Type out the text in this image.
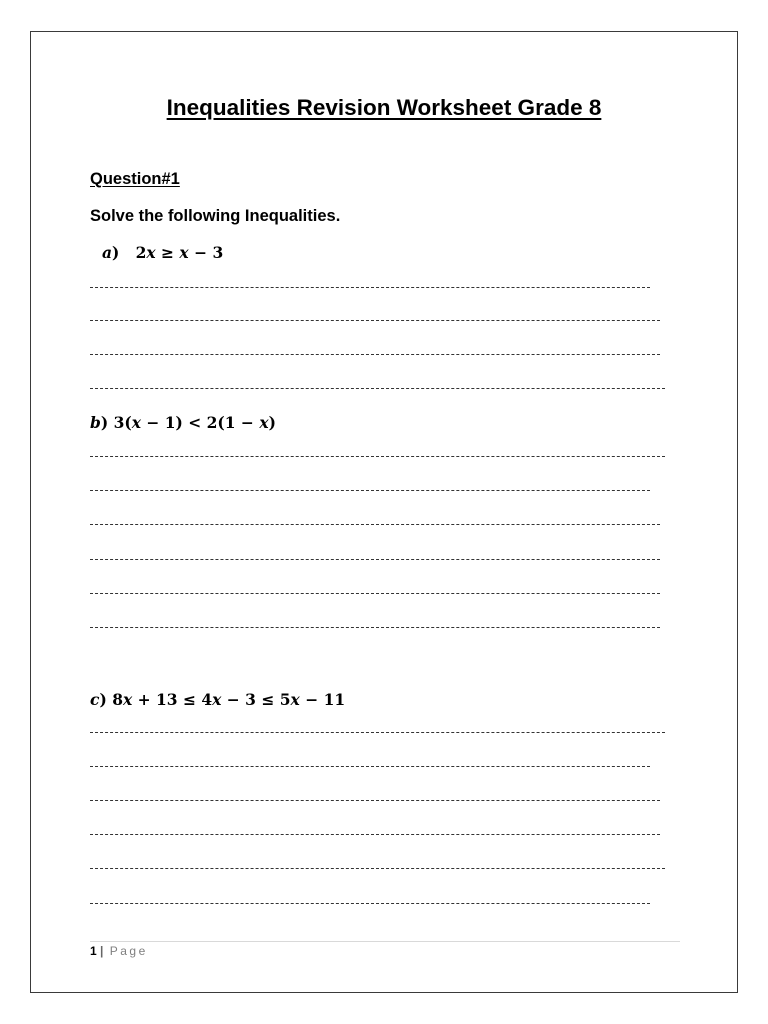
Inequalities Revision Worksheet Grade 8
Question#1
Solve the following Inequalities.
a) 2x ≥ x − 3
b) 3(x − 1) < 2(1 − x)
c) 8x + 13 ≤ 4x − 3 ≤ 5x − 11
1 | Page
